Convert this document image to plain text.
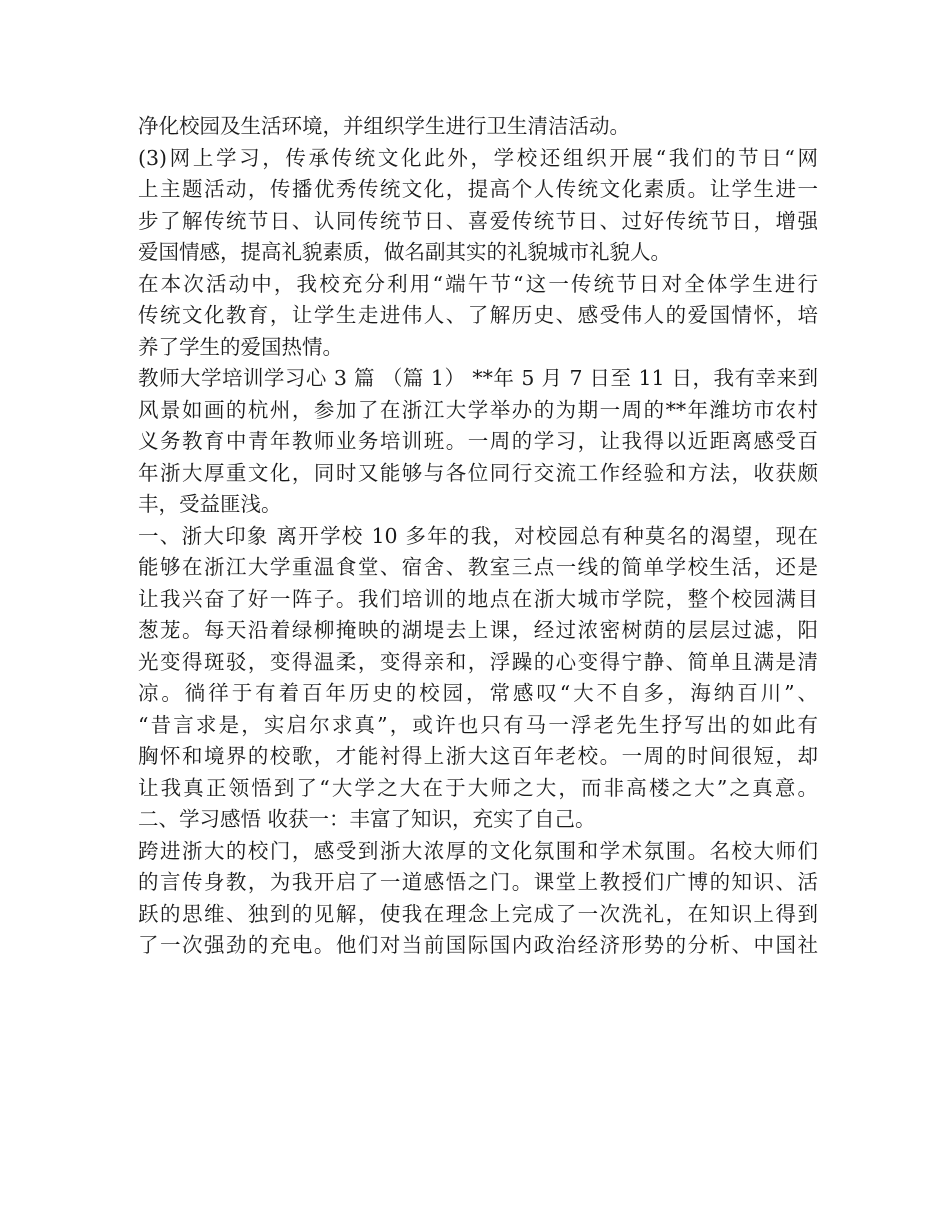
净化校园及生活环境，并组织学生进行卫生清洁活动。
(3)网上学习，传承传统文化此外，学校还组织开展“我们的节日“网
上主题活动，传播优秀传统文化，提高个人传统文化素质。让学生进一
步了解传统节日、认同传统节日、喜爱传统节日、过好传统节日，增强
爱国情感，提高礼貌素质，做名副其实的礼貌城市礼貌人。
在本次活动中，我校充分利用“端午节“这一传统节日对全体学生进行
传统文化教育，让学生走进伟人、了解历史、感受伟人的爱国情怀，培
养了学生的爱国热情。
教师大学培训学习心 3 篇 （篇 1） **年 5 月 7 日至 11 日，我有幸来到
风景如画的杭州，参加了在浙江大学举办的为期一周的**年潍坊市农村
义务教育中青年教师业务培训班。一周的学习，让我得以近距离感受百
年浙大厚重文化，同时又能够与各位同行交流工作经验和方法，收获颇
丰，受益匪浅。
一、浙大印象 离开学校 10 多年的我，对校园总有种莫名的渴望，现在
能够在浙江大学重温食堂、宿舍、教室三点一线的简单学校生活，还是
让我兴奋了好一阵子。我们培训的地点在浙大城市学院，整个校园满目
葱茏。每天沿着绿柳掩映的湖堤去上课，经过浓密树荫的层层过滤，阳
光变得斑驳，变得温柔，变得亲和，浮躁的心变得宁静、简单且满是清
凉。徜徉于有着百年历史的校园，常感叹“大不自多，海纳百川”、
“昔言求是，实启尔求真”，或许也只有马一浮老先生抒写出的如此有
胸怀和境界的校歌，才能衬得上浙大这百年老校。一周的时间很短，却
让我真正领悟到了“大学之大在于大师之大，而非高楼之大”之真意。
二、学习感悟 收获一：丰富了知识，充实了自己。
跨进浙大的校门，感受到浙大浓厚的文化氛围和学术氛围。名校大师们
的言传身教，为我开启了一道感悟之门。课堂上教授们广博的知识、活
跃的思维、独到的见解，使我在理念上完成了一次洗礼，在知识上得到
了一次强劲的充电。他们对当前国际国内政治经济形势的分析、中国社
